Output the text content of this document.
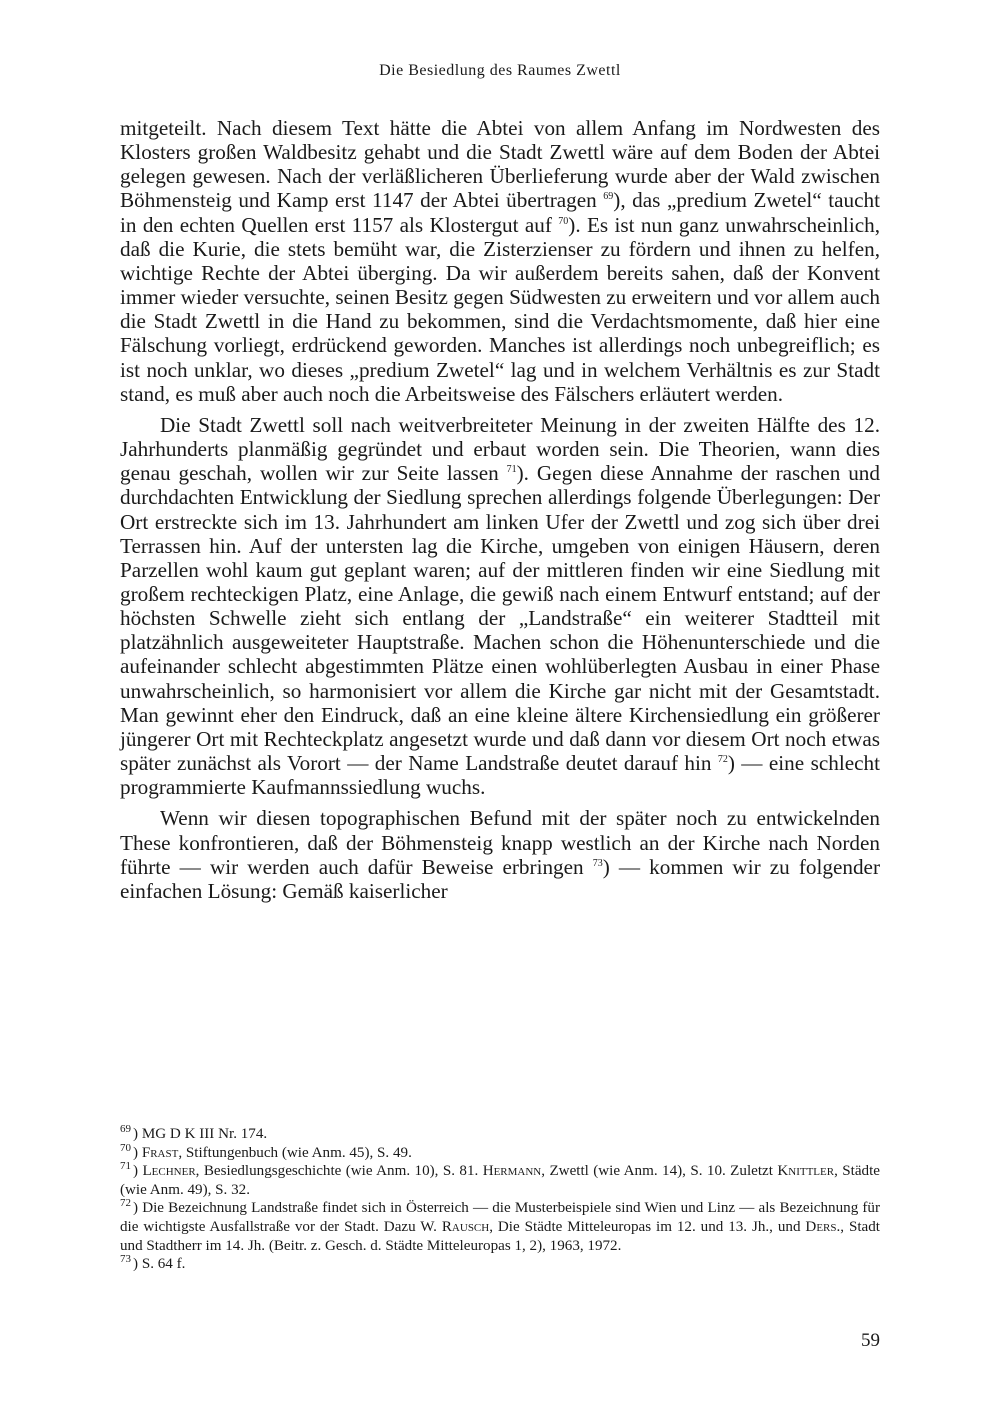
Die Besiedlung des Raumes Zwettl

mitgeteilt. Nach diesem Text hätte die Abtei von allem Anfang im Nordwesten des Klosters großen Waldbesitz gehabt und die Stadt Zwettl wäre auf dem Boden der Abtei gelegen gewesen. Nach der verläßlicheren Überlieferung wurde aber der Wald zwischen Böhmensteig und Kamp erst 1147 der Abtei übertragen $^{69}$), das „predium Zwetel“ taucht in den echten Quellen erst 1157 als Klostergut auf $^{70}$). Es ist nun ganz unwahrscheinlich, daß die Kurie, die stets bemüht war, die Zisterzienser zu fördern und ihnen zu helfen, wichtige Rechte der Abtei überging. Da wir außerdem bereits sahen, daß der Konvent immer wieder versuchte, seinen Besitz gegen Südwesten zu erweitern und vor allem auch die Stadt Zwettl in die Hand zu bekommen, sind die Verdachtsmomente, daß hier eine Fälschung vorliegt, erdrückend geworden. Manches ist allerdings noch unbegreiflich; es ist noch unklar, wo dieses „predium Zwetel“ lag und in welchem Verhältnis es zur Stadt stand, es muß aber auch noch die Arbeitsweise des Fälschers erläutert werden.

Die Stadt Zwettl soll nach weitverbreiteter Meinung in der zweiten Hälfte des 12. Jahrhunderts planmäßig gegründet und erbaut worden sein. Die Theorien, wann dies genau geschah, wollen wir zur Seite lassen $^{71}$). Gegen diese Annahme der raschen und durchdachten Entwicklung der Siedlung sprechen allerdings folgende Überlegungen: Der Ort erstreckte sich im 13. Jahrhundert am linken Ufer der Zwettl und zog sich über drei Terrassen hin. Auf der untersten lag die Kirche, umgeben von einigen Häusern, deren Parzellen wohl kaum gut geplant waren; auf der mittleren finden wir eine Siedlung mit großem rechteckigen Platz, eine Anlage, die gewiß nach einem Entwurf entstand; auf der höchsten Schwelle zieht sich entlang der „Landstraße“ ein weiterer Stadtteil mit platzähnlich ausgeweiteter Hauptstraße. Machen schon die Höhenunterschiede und die aufeinander schlecht abgestimmten Plätze einen wohlüberlegten Ausbau in einer Phase unwahrscheinlich, so harmonisiert vor allem die Kirche gar nicht mit der Gesamtstadt. Man gewinnt eher den Eindruck, daß an eine kleine ältere Kirchensiedlung ein größerer jüngerer Ort mit Rechteckplatz angesetzt wurde und daß dann vor diesem Ort noch etwas später zunächst als Vorort — der Name Landstraße deutet darauf hin $^{72}$) — eine schlecht programmierte Kaufmannssiedlung wuchs.

Wenn wir diesen topographischen Befund mit der später noch zu entwickelnden These konfrontieren, daß der Böhmensteig knapp westlich an der Kirche nach Norden führte — wir werden auch dafür Beweise erbringen $^{73}$) — kommen wir zu folgender einfachen Lösung: Gemäß kaiserlicher

$^{69}$ ) MG D K III Nr. 174.

$^{70}$ ) Frast, Stiftungenbuch (wie Anm. 45), S. 49.

$^{71}$ ) Lechner, Besiedlungsgeschichte (wie Anm. 10), S. 81. Hermann, Zwettl (wie Anm. 14), S. 10. Zuletzt Knittler, Städte (wie Anm. 49), S. 32.

$^{72}$ ) Die Bezeichnung Landstraße findet sich in Österreich — die Musterbeispiele sind Wien und Linz — als Bezeichnung für die wichtigste Ausfallstraße vor der Stadt. Dazu W. Rausch, Die Städte Mitteleuropas im 12. und 13. Jh., und Ders., Stadt und Stadtherr im 14. Jh. (Beitr. z. Gesch. d. Städte Mitteleuropas 1, 2), 1963, 1972.

$^{73}$ ) S. 64 f.

59
